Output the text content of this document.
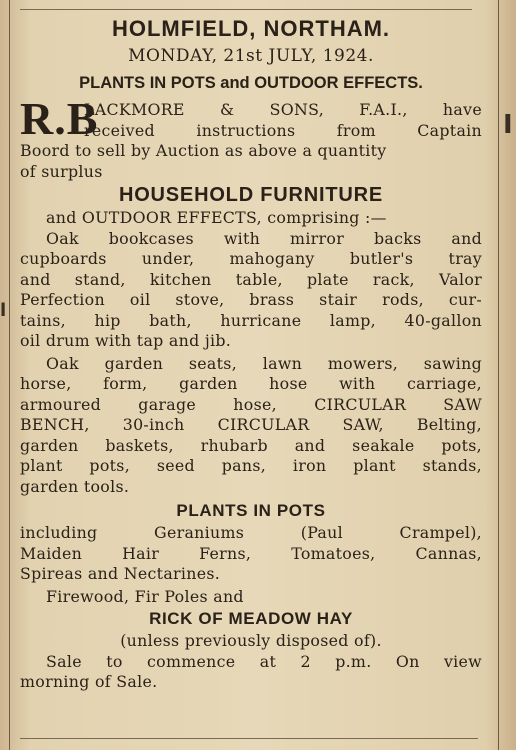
I
l
HOLMFIELD, NORTHAM.
MONDAY, 21st JULY, 1924.
PLANTS IN POTS and OUTDOOR EFFECTS.
R.B
LACKMORE & SONS, F.A.I., have
received instructions from Captain
Boord to sell by Auction as above a quantity
of surplus
HOUSEHOLD FURNITURE
and OUTDOOR EFFECTS, comprising :—
Oak bookcases with mirror backs and
cupboards under, mahogany butler's tray
and stand, kitchen table, plate rack, Valor
Perfection oil stove, brass stair rods, cur-
tains, hip bath, hurricane lamp, 40-gallon
oil drum with tap and jib.
Oak garden seats, lawn mowers, sawing
horse, form, garden hose with carriage,
armoured garage hose, CIRCULAR SAW
BENCH, 30-inch CIRCULAR SAW, Belting,
garden baskets, rhubarb and seakale pots,
plant pots, seed pans, iron plant stands,
garden tools.
PLANTS IN POTS
including Geraniums (Paul Crampel),
Maiden Hair Ferns, Tomatoes, Cannas,
Spireas and Nectarines.
Firewood, Fir Poles and
RICK OF MEADOW HAY
(unless previously disposed of).
Sale to commence at 2 p.m. On view
morning of Sale.
